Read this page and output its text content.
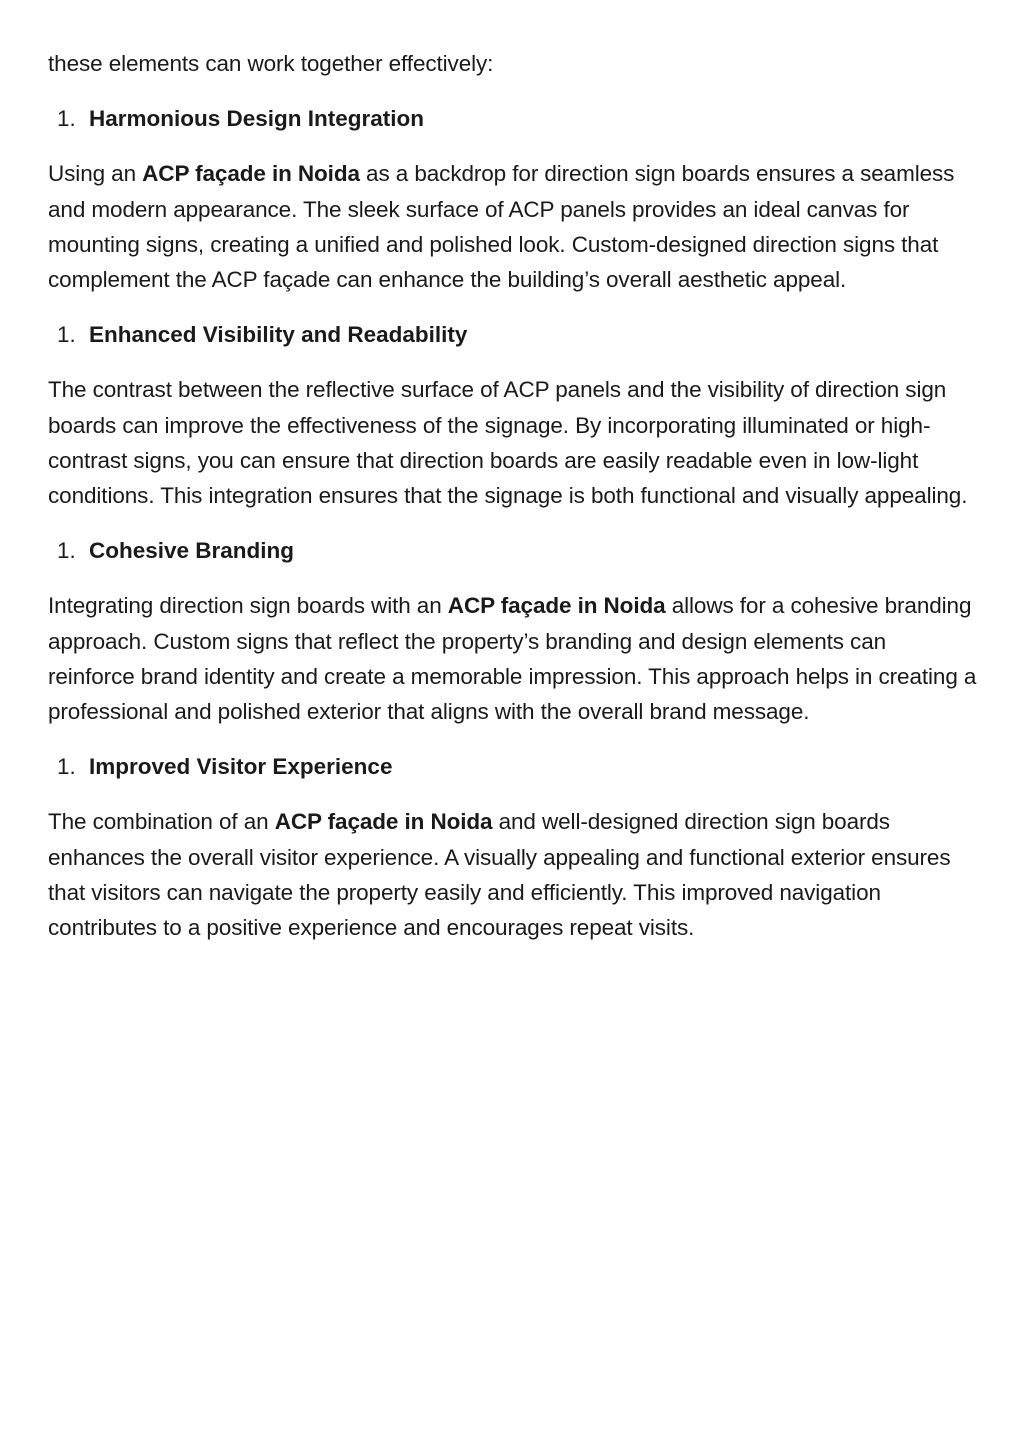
these elements can work together effectively:

1. Harmonious Design Integration

Using an ACP façade in Noida as a backdrop for direction sign boards ensures a seamless and modern appearance. The sleek surface of ACP panels provides an ideal canvas for mounting signs, creating a unified and polished look. Custom-designed direction signs that complement the ACP façade can enhance the building’s overall aesthetic appeal.

1. Enhanced Visibility and Readability

The contrast between the reflective surface of ACP panels and the visibility of direction sign boards can improve the effectiveness of the signage. By incorporating illuminated or high-contrast signs, you can ensure that direction boards are easily readable even in low-light conditions. This integration ensures that the signage is both functional and visually appealing.

1. Cohesive Branding

Integrating direction sign boards with an ACP façade in Noida allows for a cohesive branding approach. Custom signs that reflect the property’s branding and design elements can reinforce brand identity and create a memorable impression. This approach helps in creating a professional and polished exterior that aligns with the overall brand message.

1. Improved Visitor Experience

The combination of an ACP façade in Noida and well-designed direction sign boards enhances the overall visitor experience. A visually appealing and functional exterior ensures that visitors can navigate the property easily and efficiently. This improved navigation contributes to a positive experience and encourages repeat visits.
